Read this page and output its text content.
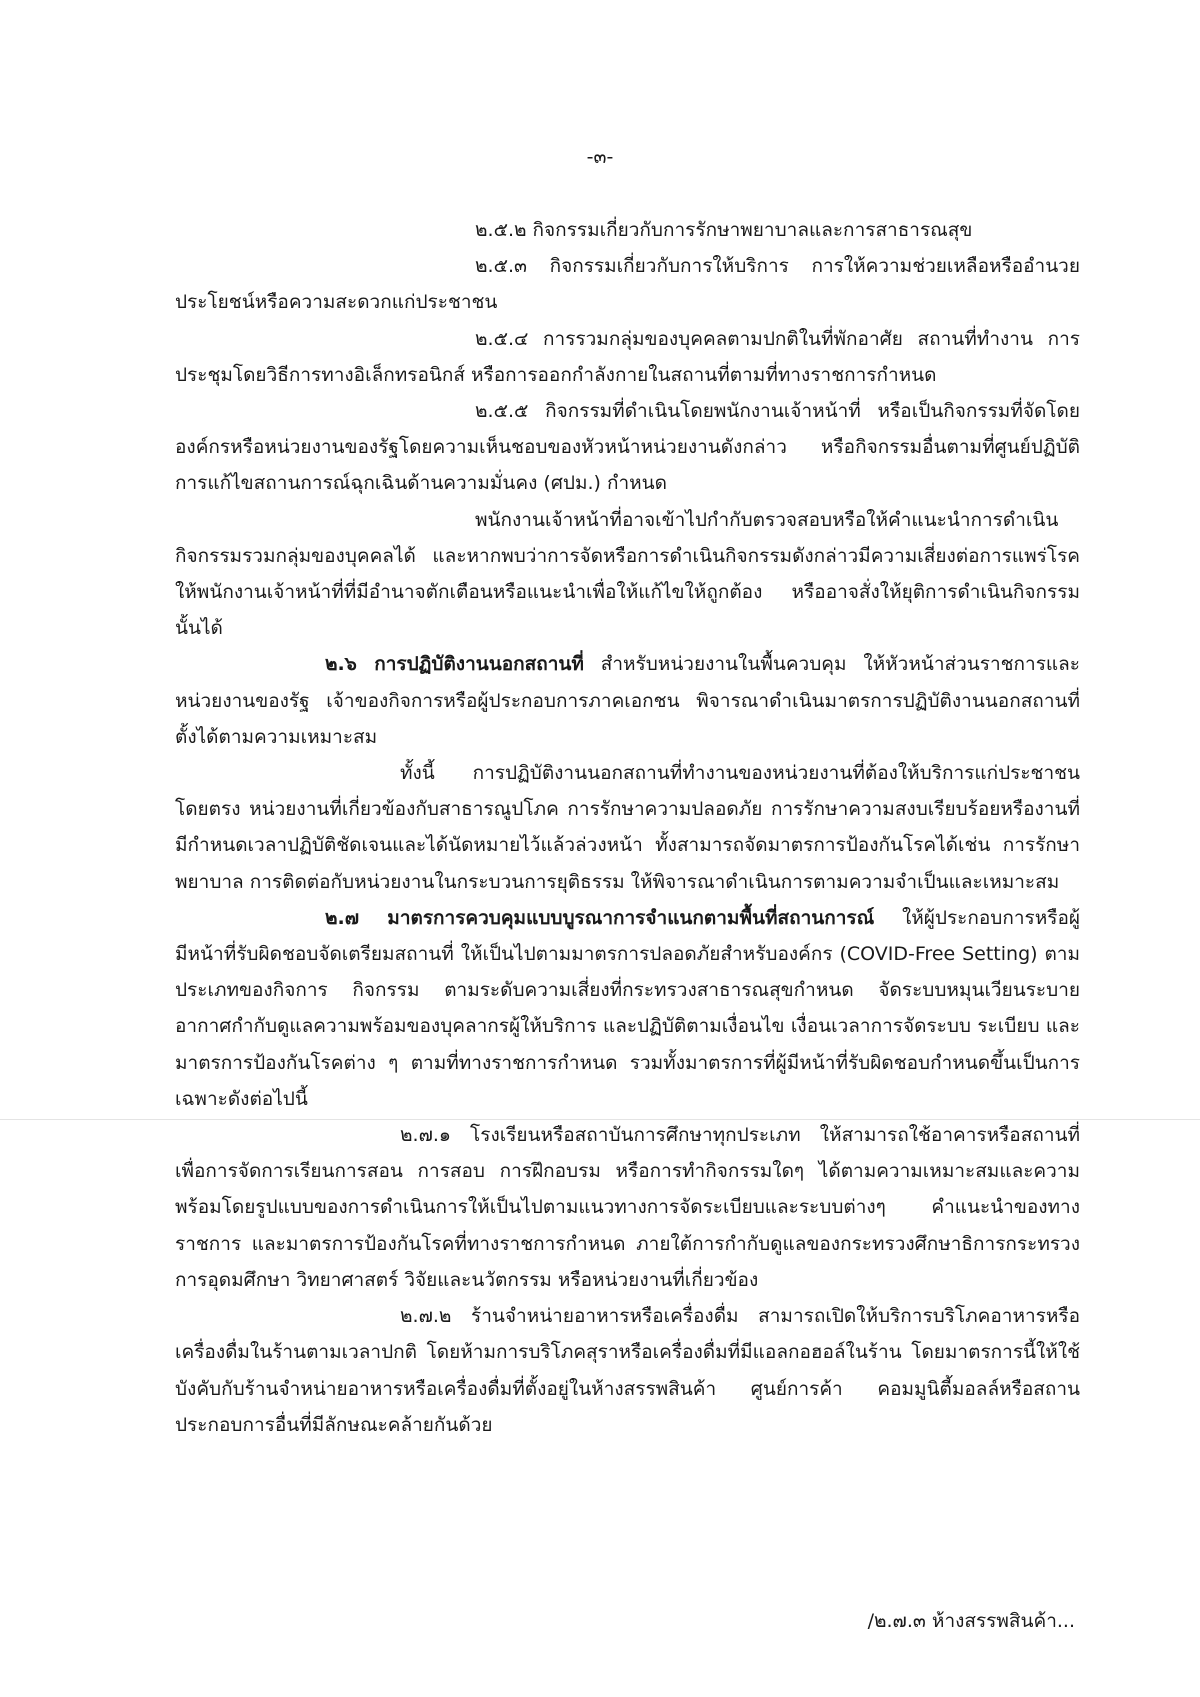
-๓-

๒.๕.๒ กิจกรรมเกี่ยวกับการรักษาพยาบาลและการสาธารณสุข

๒.๕.๓ กิจกรรมเกี่ยวกับการให้บริการ การให้ความช่วยเหลือหรืออำนวยประโยชน์หรือความสะดวกแก่ประชาชน

๒.๕.๔ การรวมกลุ่มของบุคคลตามปกติในที่พักอาศัย สถานที่ทำงาน การประชุมโดยวิธีการทางอิเล็กทรอนิกส์ หรือการออกกำลังกายในสถานที่ตามที่ทางราชการกำหนด

๒.๕.๕ กิจกรรมที่ดำเนินโดยพนักงานเจ้าหน้าที่ หรือเป็นกิจกรรมที่จัดโดยองค์กรหรือหน่วยงานของรัฐโดยความเห็นชอบของหัวหน้าหน่วยงานดังกล่าว หรือกิจกรรมอื่นตามที่ศูนย์ปฏิบัติการแก้ไขสถานการณ์ฉุกเฉินด้านความมั่นคง (ศปม.) กำหนด

พนักงานเจ้าหน้าที่อาจเข้าไปกำกับตรวจสอบหรือให้คำแนะนำการดำเนินกิจกรรมรวมกลุ่มของบุคคลได้ และหากพบว่าการจัดหรือการดำเนินกิจกรรมดังกล่าวมีความเสี่ยงต่อการแพร่โรคให้พนักงานเจ้าหน้าที่ที่มีอำนาจตักเตือนหรือแนะนำเพื่อให้แก้ไขให้ถูกต้อง หรืออาจสั่งให้ยุติการดำเนินกิจกรรมนั้นได้

๒.๖ การปฏิบัติงานนอกสถานที่ สำหรับหน่วยงานในพื้นควบคุม ให้หัวหน้าส่วนราชการและหน่วยงานของรัฐ เจ้าของกิจการหรือผู้ประกอบการภาคเอกชน พิจารณาดำเนินมาตรการปฏิบัติงานนอกสถานที่ตั้งได้ตามความเหมาะสม

ทั้งนี้ การปฏิบัติงานนอกสถานที่ทำงานของหน่วยงานที่ต้องให้บริการแก่ประชาชนโดยตรง หน่วยงานที่เกี่ยวข้องกับสาธารณูปโภค การรักษาความปลอดภัย การรักษาความสงบเรียบร้อยหรืองานที่มีกำหนดเวลาปฏิบัติชัดเจนและได้นัดหมายไว้แล้วล่วงหน้า ทั้งสามารถจัดมาตรการป้องกันโรคได้เช่น การรักษาพยาบาล การติดต่อกับหน่วยงานในกระบวนการยุติธรรม ให้พิจารณาดำเนินการตามความจำเป็นและเหมาะสม

๒.๗ มาตรการควบคุมแบบบูรณาการจำแนกตามพื้นที่สถานการณ์ ให้ผู้ประกอบการหรือผู้มีหน้าที่รับผิดชอบจัดเตรียมสถานที่ ให้เป็นไปตามมาตรการปลอดภัยสำหรับองค์กร (COVID-Free Setting) ตามประเภทของกิจการ กิจกรรม ตามระดับความเสี่ยงที่กระทรวงสาธารณสุขกำหนด จัดระบบหมุนเวียนระบายอากาศกำกับดูแลความพร้อมของบุคลากรผู้ให้บริการ และปฏิบัติตามเงื่อนไข เงื่อนเวลาการจัดระบบ ระเบียบ และมาตรการป้องกันโรคต่าง ๆ ตามที่ทางราชการกำหนด รวมทั้งมาตรการที่ผู้มีหน้าที่รับผิดชอบกำหนดขึ้นเป็นการเฉพาะดังต่อไปนี้

๒.๗.๑ โรงเรียนหรือสถาบันการศึกษาทุกประเภท ให้สามารถใช้อาคารหรือสถานที่เพื่อการจัดการเรียนการสอน การสอบ การฝึกอบรม หรือการทำกิจกรรมใดๆ ได้ตามความเหมาะสมและความพร้อมโดยรูปแบบของการดำเนินการให้เป็นไปตามแนวทางการจัดระเบียบและระบบต่างๆ คำแนะนำของทางราชการ และมาตรการป้องกันโรคที่ทางราชการกำหนด ภายใต้การกำกับดูแลของกระทรวงศึกษาธิการกระทรวงการอุดมศึกษา วิทยาศาสตร์ วิจัยและนวัตกรรม หรือหน่วยงานที่เกี่ยวข้อง

๒.๗.๒ ร้านจำหน่ายอาหารหรือเครื่องดื่ม สามารถเปิดให้บริการบริโภคอาหารหรือเครื่องดื่มในร้านตามเวลาปกติ โดยห้ามการบริโภคสุราหรือเครื่องดื่มที่มีแอลกอฮอล์ในร้าน โดยมาตรการนี้ให้ใช้บังคับกับร้านจำหน่ายอาหารหรือเครื่องดื่มที่ตั้งอยู่ในห้างสรรพสินค้า ศูนย์การค้า คอมมูนิตี้มอลล์หรือสถานประกอบการอื่นที่มีลักษณะคล้ายกันด้วย

/๒.๗.๓ ห้างสรรพสินค้า...
